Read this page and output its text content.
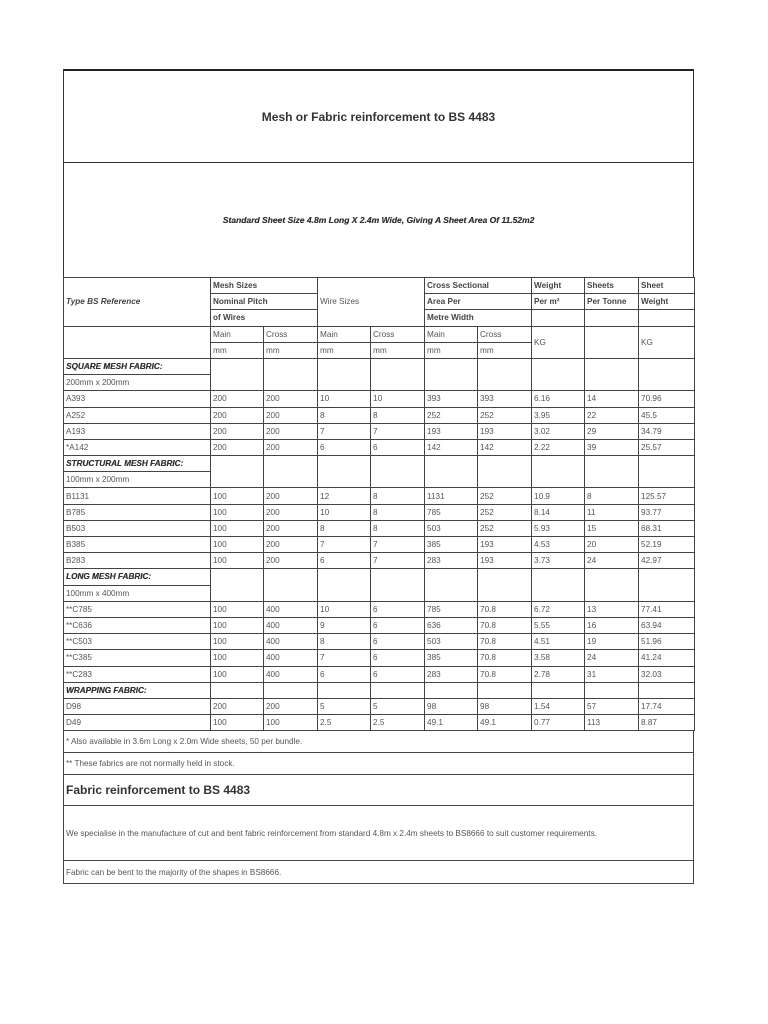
Mesh or Fabric reinforcement to BS 4483
Standard Sheet Size 4.8m Long X 2.4m Wide, Giving A Sheet Area Of 11.52m2
Type BS Reference	Mesh Sizes		Wire Sizes		Cross Sectional		Weight	Sheets	Sheet
	Nominal Pitch				Area Per		Per m²	Per Tonne	Weight
	of Wires				Metre Width				
	Main	Cross	Main	Cross	Main	Cross	KG		KG
	mm	mm	mm	mm	mm	mm			
SQUARE MESH FABRIC:									
200mm x 200mm									
A393	200	200	10	10	393	393	6.16	14	70.96
A252	200	200	8	8	252	252	3.95	22	45.5
A193	200	200	7	7	193	193	3.02	29	34.79
*A142	200	200	6	6	142	142	2.22	39	25.57
STRUCTURAL MESH FABRIC:									
100mm x 200mm									
B1131	100	200	12	8	1131	252	10.9	8	125.57
B785	100	200	10	8	785	252	8.14	11	93.77
B503	100	200	8	8	503	252	5.93	15	68.31
B385	100	200	7	7	385	193	4.53	20	52.19
B283	100	200	6	7	283	193	3.73	24	42.97
LONG MESH FABRIC:									
100mm x 400mm									
**C785	100	400	10	6	785	70.8	6.72	13	77.41
**C636	100	400	9	6	636	70.8	5.55	16	63.94
**C503	100	400	8	6	503	70.8	4.51	19	51.96
**C385	100	400	7	6	385	70.8	3.58	24	41.24
**C283	100	400	6	6	283	70.8	2.78	31	32.03
WRAPPING FABRIC:									
D98	200	200	5	5	98	98	1.54	57	17.74
D49	100	100	2.5	2.5	49.1	49.1	0.77	113	8.87
* Also available in 3.6m Long x 2.0m Wide sheets, 50 per bundle.
** These fabrics are not normally held in stock.
Fabric reinforcement to BS 4483
We specialise in the manufacture of cut and bent fabric reinforcement from standard 4.8m x 2.4m sheets to BS8666 to suit customer requirements.
Fabric can be bent to the majority of the shapes in BS8666.
